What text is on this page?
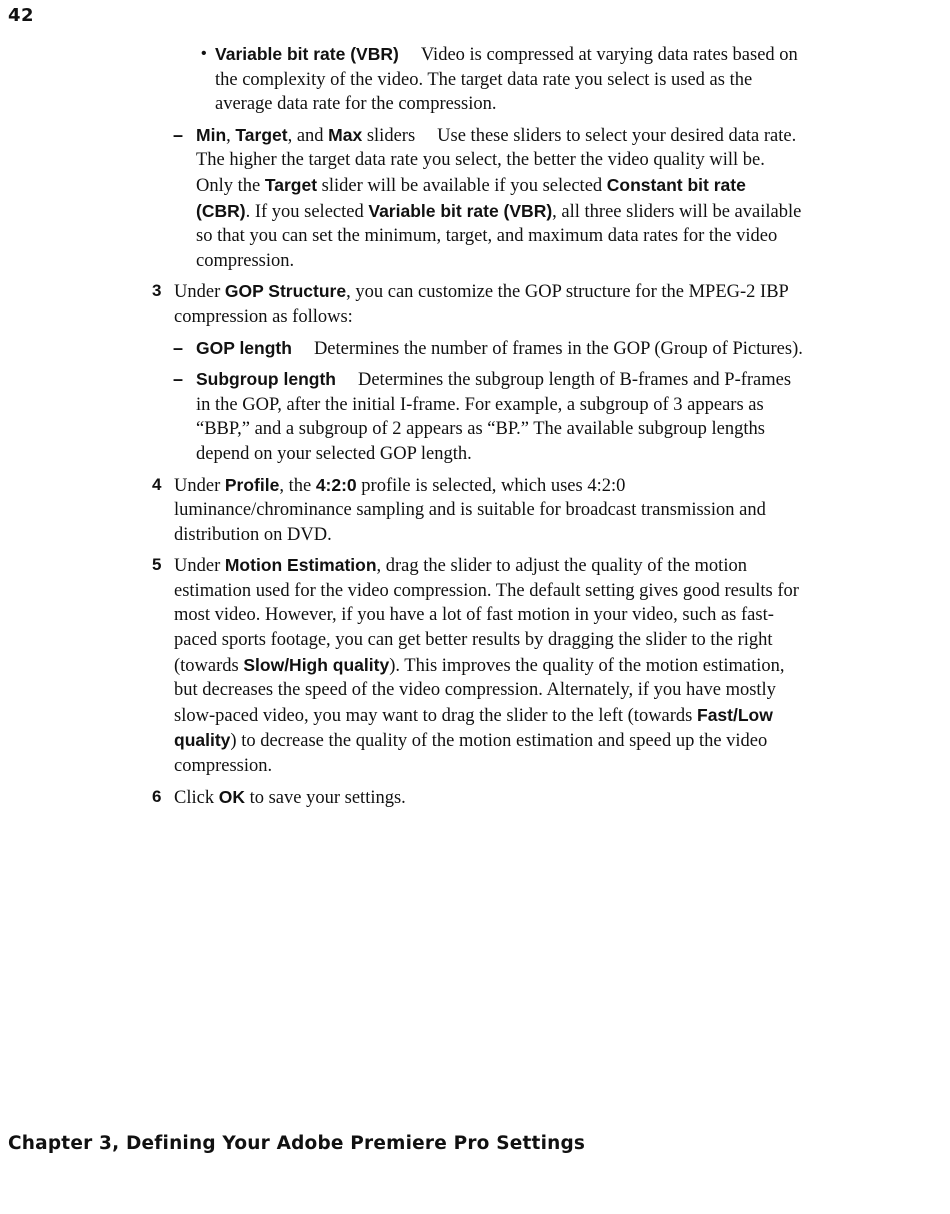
42

• Variable bit rate (VBR) Video is compressed at varying data rates based on the complexity of the video. The target data rate you select is used as the average data rate for the compression.

– Min, Target, and Max sliders Use these sliders to select your desired data rate. The higher the target data rate you select, the better the video quality will be. Only the Target slider will be available if you selected Constant bit rate (CBR). If you selected Variable bit rate (VBR), all three sliders will be available so that you can set the minimum, target, and maximum data rates for the video compression.

3 Under GOP Structure, you can customize the GOP structure for the MPEG-2 IBP compression as follows:

– GOP length Determines the number of frames in the GOP (Group of Pictures).

– Subgroup length Determines the subgroup length of B-frames and P-frames in the GOP, after the initial I-frame. For example, a subgroup of 3 appears as “BBP,” and a subgroup of 2 appears as “BP.” The available subgroup lengths depend on your selected GOP length.

4 Under Profile, the 4:2:0 profile is selected, which uses 4:2:0 luminance/chrominance sampling and is suitable for broadcast transmission and distribution on DVD.

5 Under Motion Estimation, drag the slider to adjust the quality of the motion estimation used for the video compression. The default setting gives good results for most video. However, if you have a lot of fast motion in your video, such as fast-paced sports footage, you can get better results by dragging the slider to the right (towards Slow/High quality). This improves the quality of the motion estimation, but decreases the speed of the video compression. Alternately, if you have mostly slow-paced video, you may want to drag the slider to the left (towards Fast/Low quality) to decrease the quality of the motion estimation and speed up the video compression.

6 Click OK to save your settings.

Chapter 3, Defining Your Adobe Premiere Pro Settings
